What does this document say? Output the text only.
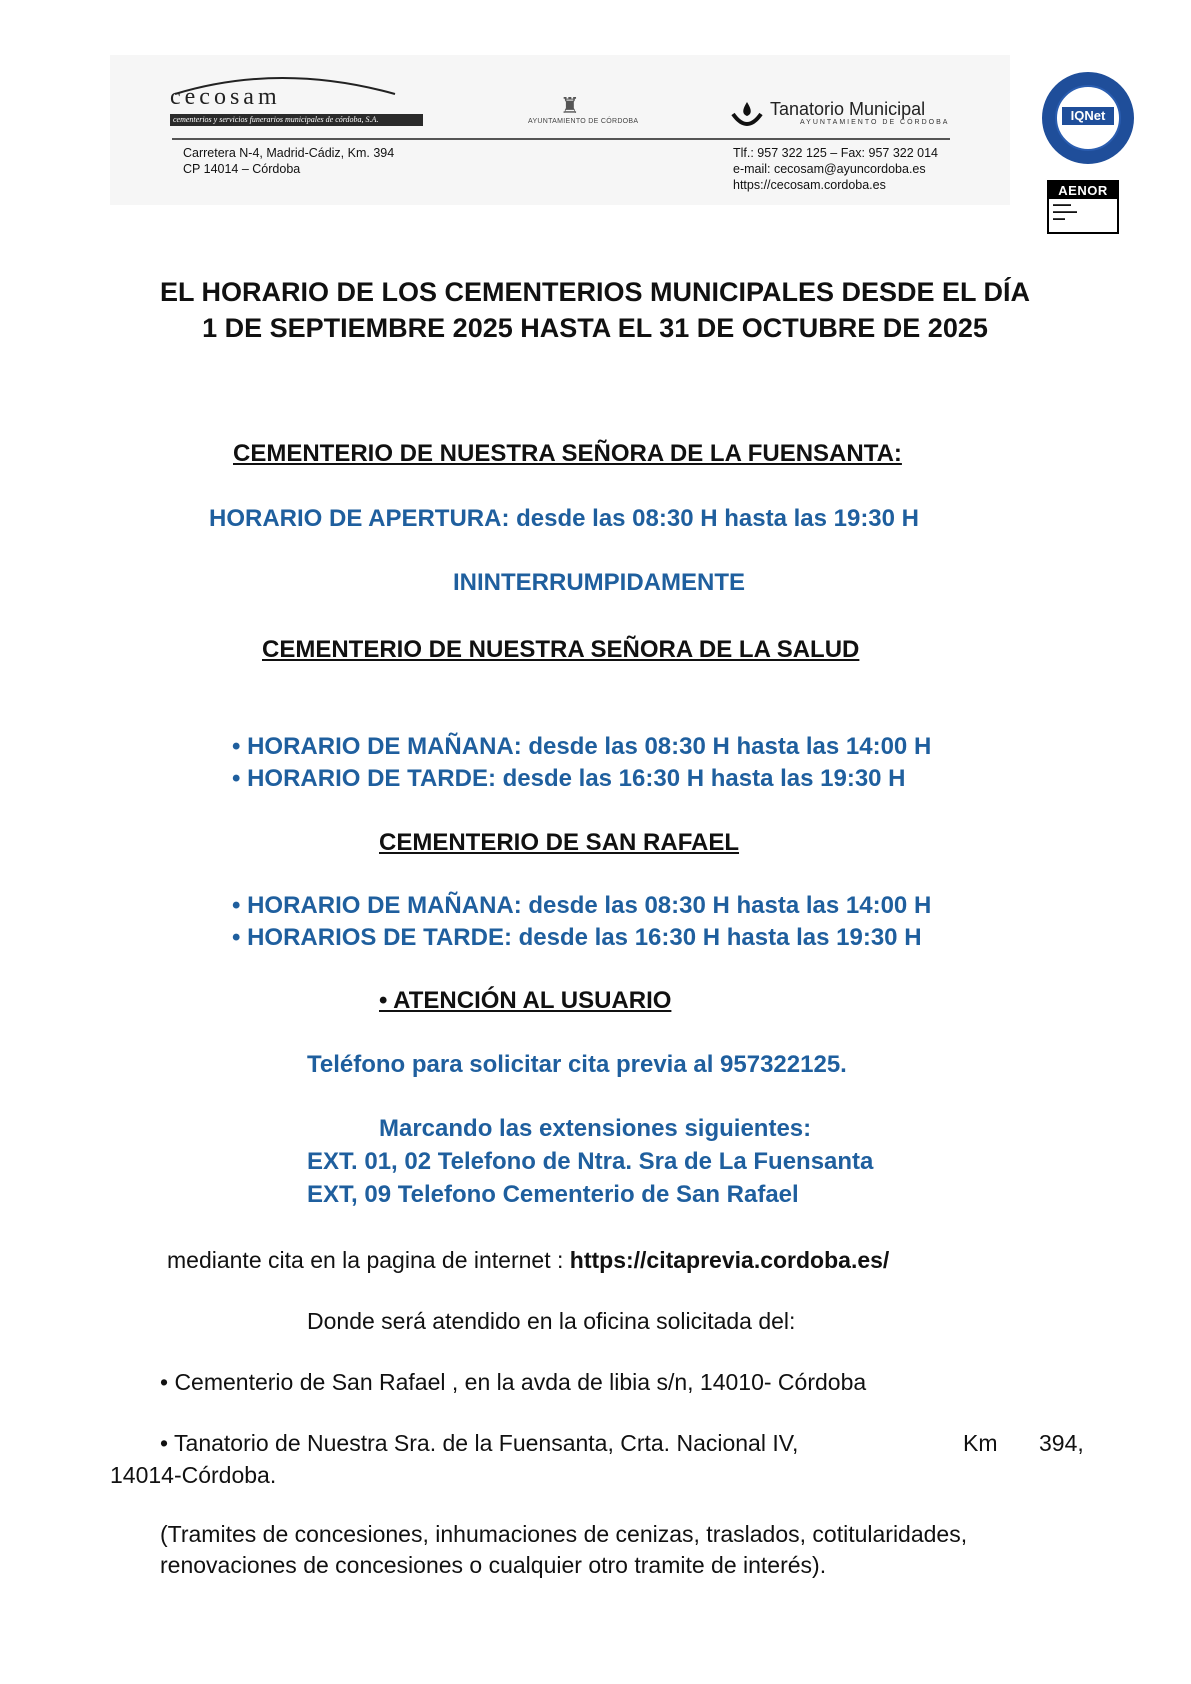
cecosam
cementerios y servicios funerarios municipales de córdoba, S.A.
Carretera N-4, Madrid-Cádiz, Km. 394
CP 14014 – Córdoba
♜
AYUNTAMIENTO DE CÓRDOBA
Tanatorio Municipal
AYUNTAMIENTO DE CÓRDOBA
Tlf.: 957 322 125 – Fax: 957 322 014
e-mail: cecosam@ayuncordoba.es
https://cecosam.cordoba.es
IQNet
AENOR
▬▬▬
▬▬▬▬
▬▬
EL HORARIO DE LOS CEMENTERIOS MUNICIPALES DESDE EL DÍA
1 DE SEPTIEMBRE 2025 HASTA EL 31 DE OCTUBRE DE 2025
CEMENTERIO DE NUESTRA SEÑORA DE LA FUENSANTA:
HORARIO DE APERTURA: desde las 08:30 H hasta las 19:30 H
ININTERRUMPIDAMENTE
CEMENTERIO DE NUESTRA SEÑORA DE LA SALUD
• HORARIO DE MAÑANA: desde las 08:30 H hasta las 14:00 H
• HORARIO DE TARDE: desde las 16:30 H hasta las 19:30 H
CEMENTERIO DE SAN RAFAEL
• HORARIO DE MAÑANA: desde las 08:30 H hasta las 14:00 H
• HORARIOS DE TARDE: desde las 16:30 H hasta las 19:30 H
• ATENCIÓN AL USUARIO
Teléfono para solicitar cita previa al 957322125.
Marcando las extensiones siguientes:
EXT. 01, 02 Telefono de Ntra. Sra de La Fuensanta
EXT, 09 Telefono Cementerio de San Rafael
mediante cita en la pagina de internet : https://citaprevia.cordoba.es/
Donde será atendido en la oficina solicitada del:
• Cementerio de San Rafael , en la avda de libia s/n, 14010- Córdoba
• Tanatorio de Nuestra Sra. de la Fuensanta, Crta. Nacional IV,	Km 394,
14014-Córdoba.
(Tramites de concesiones, inhumaciones de cenizas, traslados, cotitularidades,
renovaciones de concesiones o cualquier otro tramite de interés).
